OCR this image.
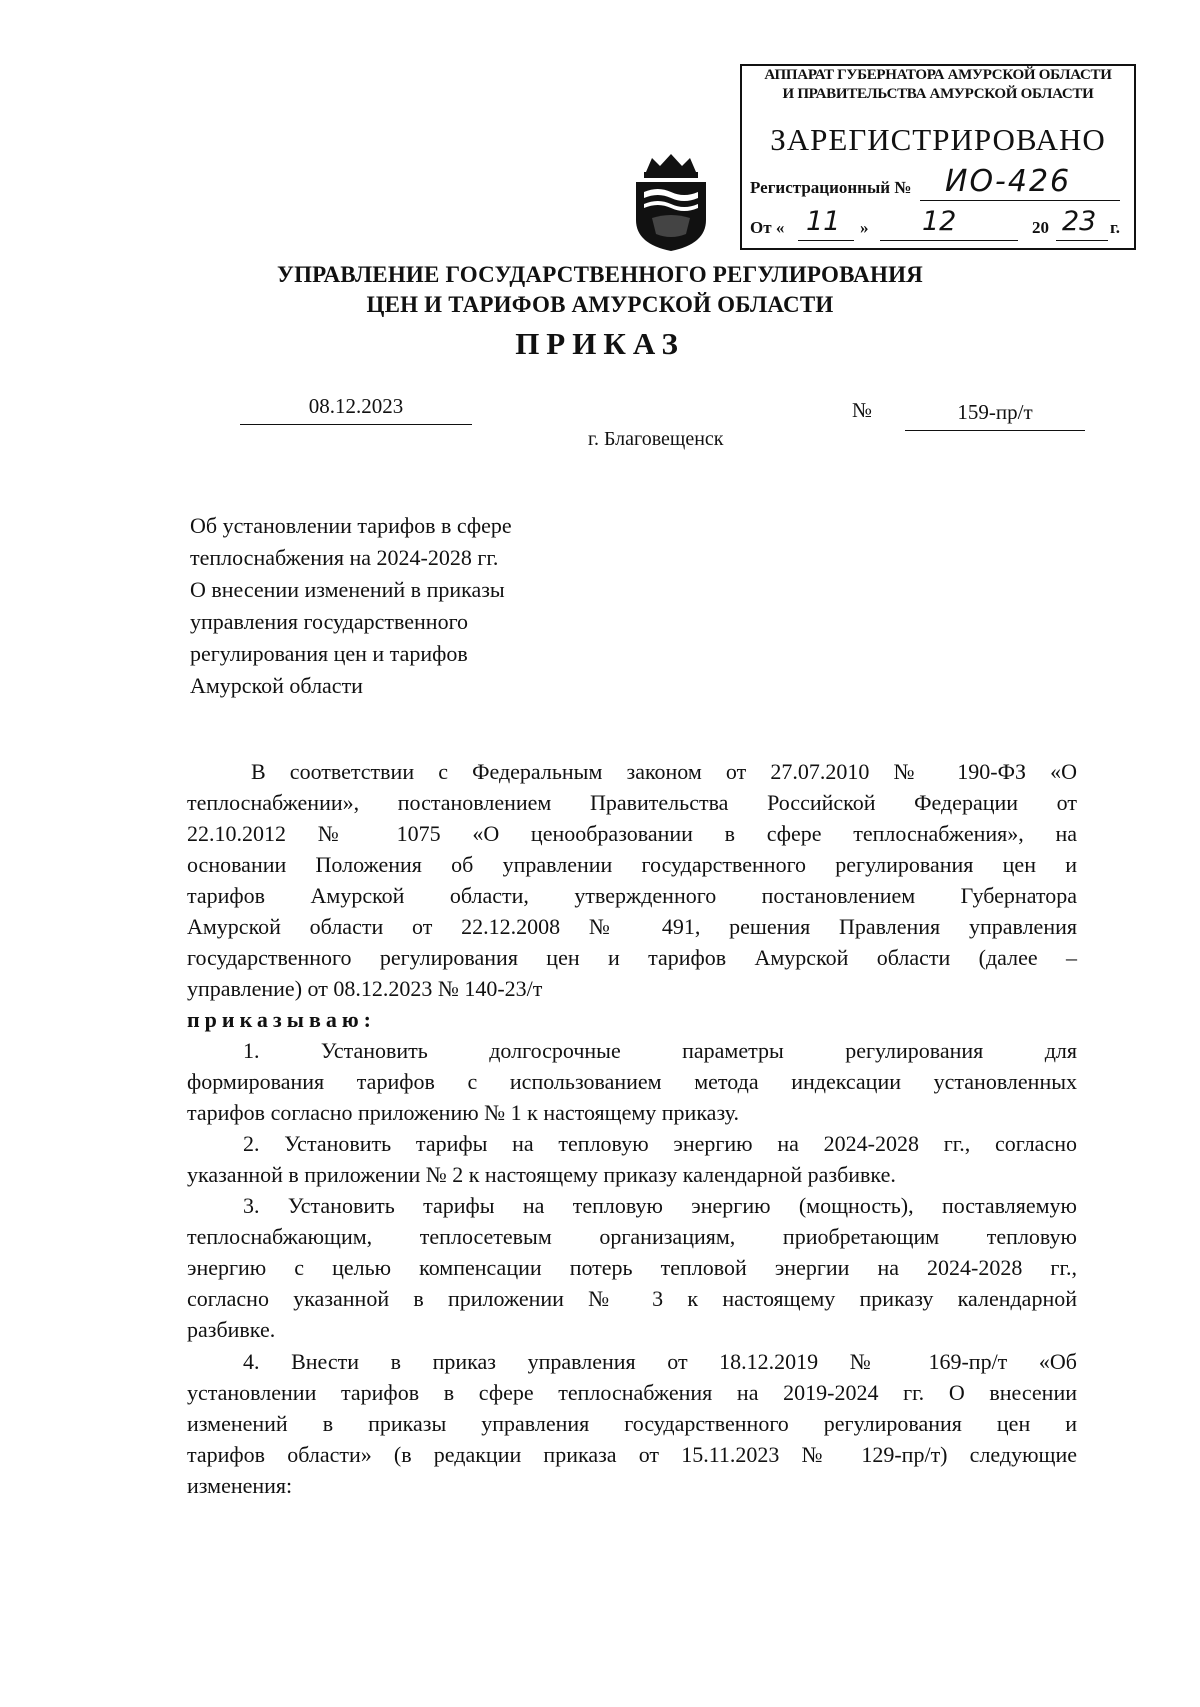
АППАРАТ ГУБЕРНАТОРА АМУРСКОЙ ОБЛАСТИ
И ПРАВИТЕЛЬСТВА АМУРСКОЙ ОБЛАСТИ
ЗАРЕГИСТРИРОВАНО
Регистрационный № ИО-426
От « 11 » 12	20 23 г.
УПРАВЛЕНИЕ ГОСУДАРСТВЕННОГО РЕГУЛИРОВАНИЯ
ЦЕН И ТАРИФОВ АМУРСКОЙ ОБЛАСТИ
ПРИКАЗ
08.12.2023	№	159-пр/т
г. Благовещенск
Об установлении тарифов в сфере
теплоснабжения на 2024-2028 гг.
О внесении изменений в приказы
управления государственного
регулирования цен и тарифов
Амурской области
В соответствии с Федеральным законом от 27.07.2010 № 190-ФЗ «О
теплоснабжении», постановлением Правительства Российской Федерации от
22.10.2012 № 1075 «О ценообразовании в сфере теплоснабжения», на
основании Положения об управлении государственного регулирования цен и
тарифов Амурской области, утвержденного постановлением Губернатора
Амурской области от 22.12.2008 № 491, решения Правления управления
государственного регулирования цен и тарифов Амурской области (далее –
управление) от 08.12.2023 № 140-23/т
приказываю:
1. Установить долгосрочные параметры регулирования для
формирования тарифов с использованием метода индексации установленных
тарифов согласно приложению № 1 к настоящему приказу.
2. Установить тарифы на тепловую энергию на 2024-2028 гг., согласно
указанной в приложении № 2 к настоящему приказу календарной разбивке.
3. Установить тарифы на тепловую энергию (мощность), поставляемую
теплоснабжающим, теплосетевым организациям, приобретающим тепловую
энергию с целью компенсации потерь тепловой энергии на 2024-2028 гг.,
согласно указанной в приложении № 3 к настоящему приказу календарной
разбивке.
4. Внести в приказ управления от 18.12.2019 № 169-пр/т «Об
установлении тарифов в сфере теплоснабжения на 2019-2024 гг. О внесении
изменений в приказы управления государственного регулирования цен и
тарифов области» (в редакции приказа от 15.11.2023 № 129-пр/т) следующие
изменения:
